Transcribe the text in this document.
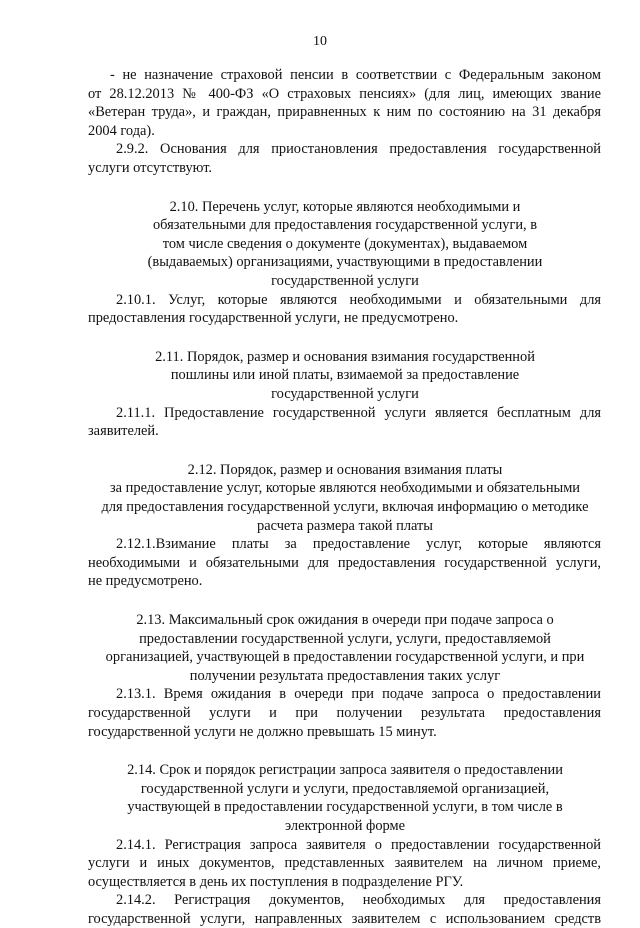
10
- не назначение страховой пенсии в соответствии с Федеральным законом
от 28.12.2013 № 400-ФЗ «О страховых пенсиях» (для лиц, имеющих звание
«Ветеран труда», и граждан, приравненных к ним по состоянию на 31 декабря
2004 года).
2.9.2. Основания для приостановления предоставления государственной
услуги отсутствуют.
2.10. Перечень услуг, которые являются необходимыми и
обязательными для предоставления государственной услуги, в
том числе сведения о документе (документах), выдаваемом
(выдаваемых) организациями, участвующими в предоставлении
государственной услуги
2.10.1. Услуг, которые являются необходимыми и обязательными для
предоставления государственной услуги, не предусмотрено.
2.11. Порядок, размер и основания взимания государственной
пошлины или иной платы, взимаемой за предоставление
государственной услуги
2.11.1. Предоставление государственной услуги является бесплатным для
заявителей.
2.12. Порядок, размер и основания взимания платы
за предоставление услуг, которые являются необходимыми и обязательными
для предоставления государственной услуги, включая информацию о методике
расчета размера такой платы
2.12.1.Взимание платы за предоставление услуг, которые являются
необходимыми и обязательными для предоставления государственной услуги,
не предусмотрено.
2.13. Максимальный срок ожидания в очереди при подаче запроса о
предоставлении государственной услуги, услуги, предоставляемой
организацией, участвующей в предоставлении государственной услуги, и при
получении результата предоставления таких услуг
2.13.1. Время ожидания в очереди при подаче запроса о предоставлении
государственной услуги и при получении результата предоставления
государственной услуги не должно превышать 15 минут.
2.14. Срок и порядок регистрации запроса заявителя о предоставлении
государственной услуги и услуги, предоставляемой организацией,
участвующей в предоставлении государственной услуги, в том числе в
электронной форме
2.14.1. Регистрация запроса заявителя о предоставлении государственной
услуги и иных документов, представленных заявителем на личном приеме,
осуществляется в день их поступления в подразделение РГУ.
2.14.2. Регистрация документов, необходимых для предоставления
государственной услуги, направленных заявителем с использованием средств
